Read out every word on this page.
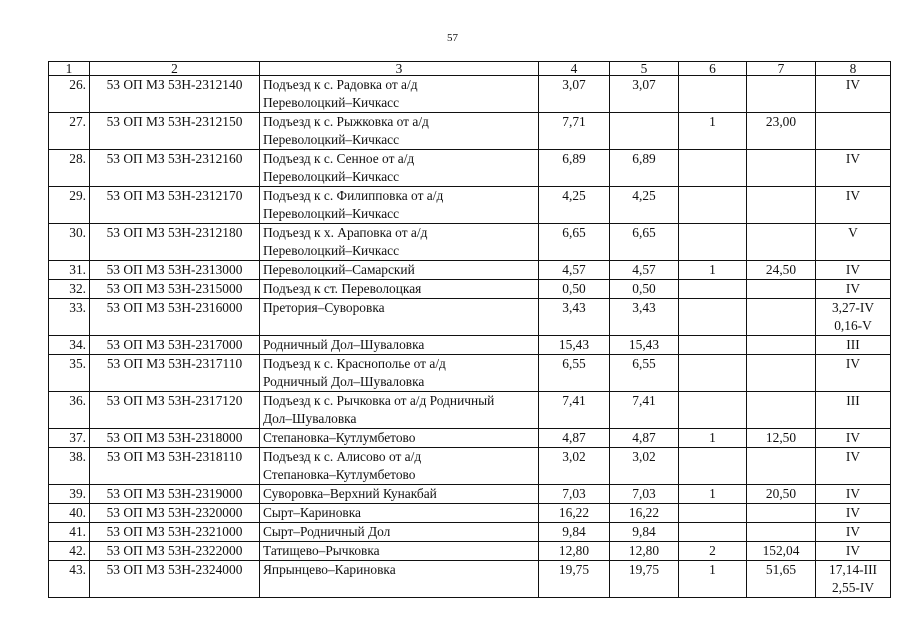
57
1	2	3	4	5	6	7	8
26.	53 ОП МЗ 53Н-2312140	Подъезд к с. Радовка от а/д
Переволоцкий–Кичкасс	3,07	3,07			IV
27.	53 ОП МЗ 53Н-2312150	Подъезд к с. Рыжковка от а/д
Переволоцкий–Кичкасс	7,71		1	23,00	
28.	53 ОП МЗ 53Н-2312160	Подъезд к с. Сенное от а/д
Переволоцкий–Кичкасс	6,89	6,89			IV
29.	53 ОП МЗ 53Н-2312170	Подъезд к с. Филипповка от а/д
Переволоцкий–Кичкасс	4,25	4,25			IV
30.	53 ОП МЗ 53Н-2312180	Подъезд к х. Араповка от а/д
Переволоцкий–Кичкасс	6,65	6,65			V
31.	53 ОП МЗ 53Н-2313000	Переволоцкий–Самарский	4,57	4,57	1	24,50	IV
32.	53 ОП МЗ 53Н-2315000	Подъезд к ст. Переволоцкая	0,50	0,50			IV
33.	53 ОП МЗ 53Н-2316000	Претория–Суворовка	3,43	3,43			3,27-IV
0,16-V
34.	53 ОП МЗ 53Н-2317000	Родничный Дол–Шуваловка	15,43	15,43			III
35.	53 ОП МЗ 53Н-2317110	Подъезд к с. Краснополье от а/д
Родничный Дол–Шуваловка	6,55	6,55			IV
36.	53 ОП МЗ 53Н-2317120	Подъезд к с. Рычковка от а/д Родничный
Дол–Шуваловка	7,41	7,41			III
37.	53 ОП МЗ 53Н-2318000	Степановка–Кутлумбетово	4,87	4,87	1	12,50	IV
38.	53 ОП МЗ 53Н-2318110	Подъезд к с. Алисово от а/д
Степановка–Кутлумбетово	3,02	3,02			IV
39.	53 ОП МЗ 53Н-2319000	Суворовка–Верхний Кунакбай	7,03	7,03	1	20,50	IV
40.	53 ОП МЗ 53Н-2320000	Сырт–Кариновка	16,22	16,22			IV
41.	53 ОП МЗ 53Н-2321000	Сырт–Родничный Дол	9,84	9,84			IV
42.	53 ОП МЗ 53Н-2322000	Татищево–Рычковка	12,80	12,80	2	152,04	IV
43.	53 ОП МЗ 53Н-2324000	Япрынцево–Кариновка	19,75	19,75	1	51,65	17,14-III
2,55-IV
